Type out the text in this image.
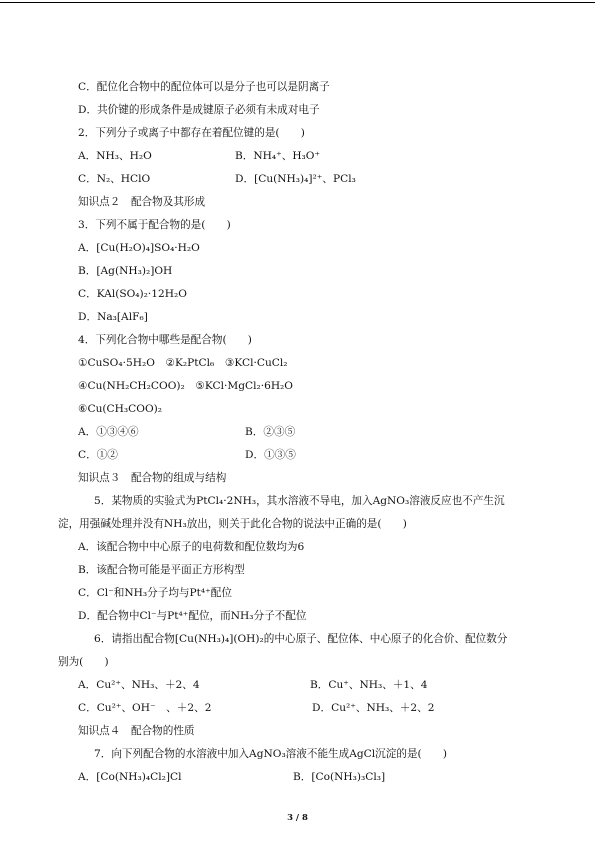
C．配位化合物中的配位体可以是分子也可以是阴离子
D．共价键的形成条件是成键原子必须有未成对电子
2．下列分子或离子中都存在着配位键的是(　　)
A．NH₃、H₂O	B．NH₄⁺、H₃O⁺
C．N₂、HClO	D．[Cu(NH₃)₄]²⁺、PCl₃
知识点２　配合物及其形成
3．下列不属于配合物的是(　　)
A．[Cu(H₂O)₄]SO₄·H₂O
B．[Ag(NH₃)₂]OH
C．KAl(SO₄)₂·12H₂O
D．Na₃[AlF₆]
4．下列化合物中哪些是配合物(　　)
①CuSO₄·5H₂O　②K₂PtCl₆　③KCl·CuCl₂
④Cu(NH₂CH₂COO)₂　⑤KCl·MgCl₂·6H₂O
⑥Cu(CH₃COO)₂
A．①③④⑥	B．②③⑤
C．①②	D．①③⑤
知识点３　配合物的组成与结构
5．某物质的实验式为PtCl₄·2NH₃，其水溶液不导电，加入AgNO₃溶液反应也不产生沉
淀，用强碱处理并没有NH₃放出，则关于此化合物的说法中正确的是(　　)
A．该配合物中中心原子的电荷数和配位数均为6
B．该配合物可能是平面正方形构型
C．Cl⁻和NH₃分子均与Pt⁴⁺配位
D．配合物中Cl⁻与Pt⁴⁺配位，而NH₃分子不配位
6．请指出配合物[Cu(NH₃)₄](OH)₂的中心原子、配位体、中心原子的化合价、配位数分
别为(　　)
A．Cu²⁺、NH₃、＋2、4	B．Cu⁺、NH₃、＋1、4
C．Cu²⁺、OH⁻　、＋2、2	D．Cu²⁺、NH₃、＋2、2
知识点４　配合物的性质
7．向下列配合物的水溶液中加入AgNO₃溶液不能生成AgCl沉淀的是(　　)
A．[Co(NH₃)₄Cl₂]Cl	B．[Co(NH₃)₃Cl₃]
3 / 8
